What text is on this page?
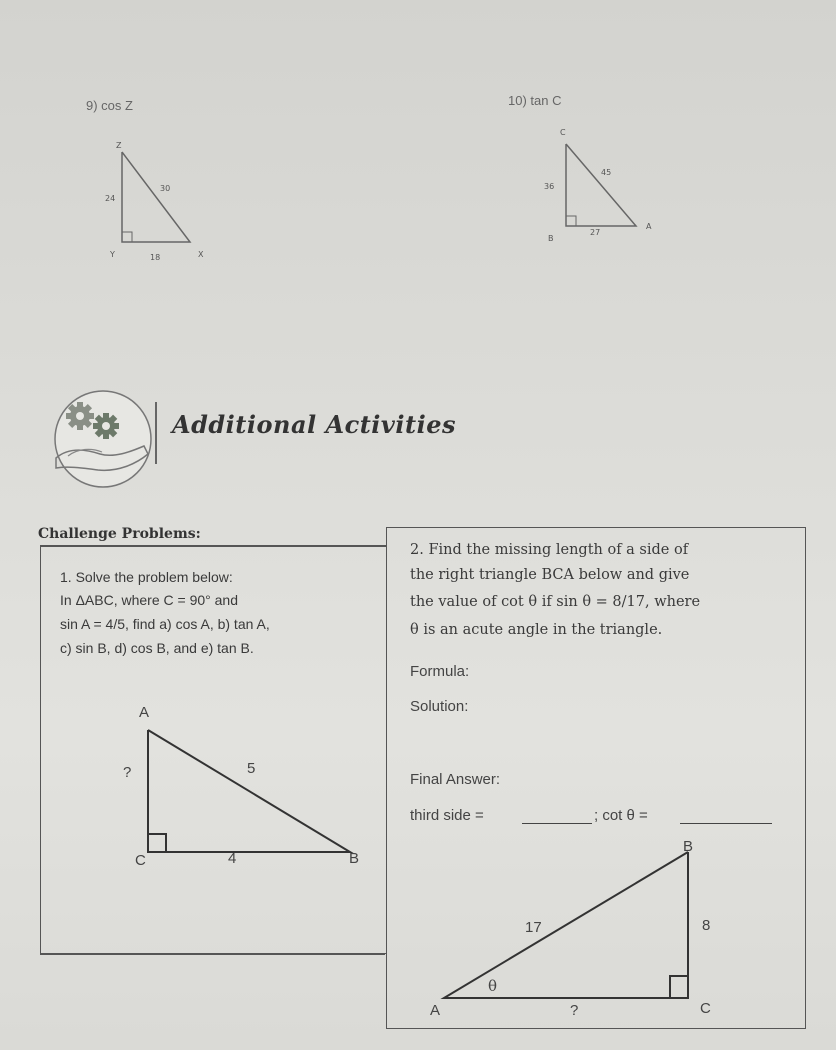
9) cos Z	10) tan C
Z
Y	X
24
30
18
C
B
A
36
45
27
Additional Activities
Challenge Problems:
1. Solve the problem below:
In ΔABC, where C = 90° and
sin A = 4/5, find a) cos A, b) tan A,
c) sin B, d) cos B, and e) tan B.
A
B
C
?	5
4
2. Find the missing length of a side of
the right triangle BCA below and give
the value of cot θ if sin θ = 8/17, where
θ is an acute angle in the triangle.
Formula:
Solution:
Final Answer:
third side =	; cot θ =
B
C
A
17	8
?
θ
